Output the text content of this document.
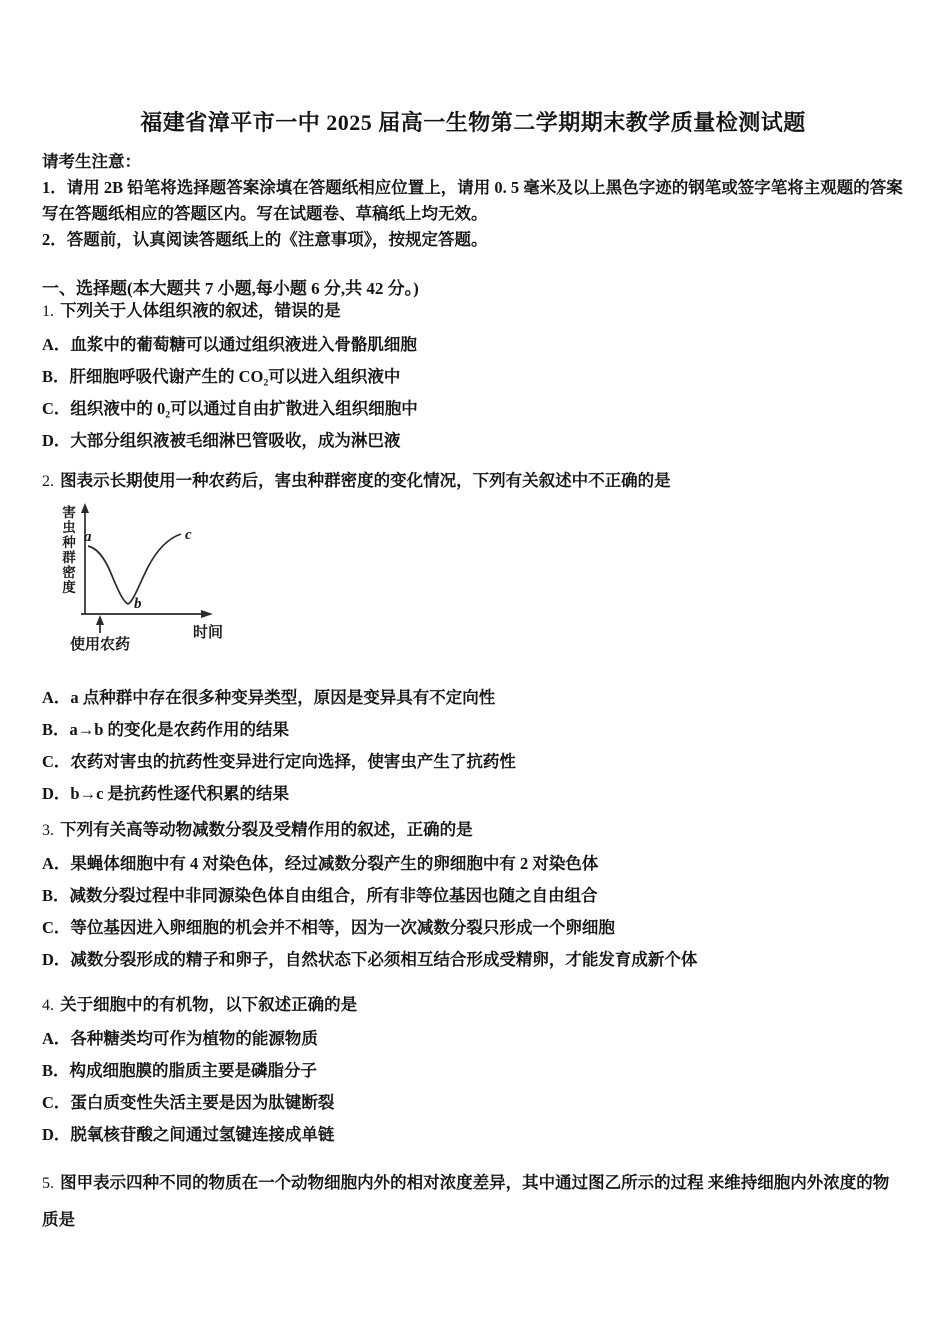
福建省漳平市一中 2025 届高一生物第二学期期末教学质量检测试题

请考生注意：

1．请用 2B 铅笔将选择题答案涂填在答题纸相应位置上，请用 0. 5 毫米及以上黑色字迹的钢笔或签字笔将主观题的答案写在答题纸相应的答题区内。写在试题卷、草稿纸上均无效。

2．答题前，认真阅读答题纸上的《注意事项》，按规定答题。

一、选择题(本大题共 7 小题,每小题 6 分,共 42 分。)

1. 下列关于人体组织液的叙述，错误的是

A．血浆中的葡萄糖可以通过组织液进入骨骼肌细胞

B．肝细胞呼吸代谢产生的 CO₂可以进入组织液中

C．组织液中的 0₂可以通过自由扩散进入组织细胞中

D．大部分组织液被毛细淋巴管吸收，成为淋巴液

2. 图表示长期使用一种农药后，害虫种群密度的变化情况，下列有关叙述中不正确的是

害虫种群密度 a
b
c
使用农药
时间

A．a 点种群中存在很多种变异类型，原因是变异具有不定向性

B．a→b 的变化是农药作用的结果

C．农药对害虫的抗药性变异进行定向选择，使害虫产生了抗药性

D．b→c 是抗药性逐代积累的结果

3. 下列有关高等动物减数分裂及受精作用的叙述，正确的是

A．果蝇体细胞中有 4 对染色体，经过减数分裂产生的卵细胞中有 2 对染色体

B．减数分裂过程中非同源染色体自由组合，所有非等位基因也随之自由组合

C．等位基因进入卵细胞的机会并不相等，因为一次减数分裂只形成一个卵细胞

D．减数分裂形成的精子和卵子，自然状态下必须相互结合形成受精卵，才能发育成新个体

4. 关于细胞中的有机物，以下叙述正确的是

A．各种糖类均可作为植物的能源物质

B．构成细胞膜的脂质主要是磷脂分子

C．蛋白质变性失活主要是因为肽键断裂

D．脱氧核苷酸之间通过氢键连接成单链

5. 图甲表示四种不同的物质在一个动物细胞内外的相对浓度差异，其中通过图乙所示的过程 来维持细胞内外浓度的物质是
